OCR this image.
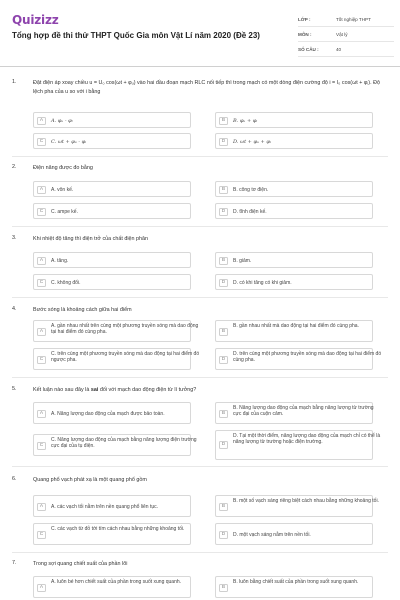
Quizizz
Tổng hợp đề thi thử THPT Quốc Gia môn Vật Lí năm 2020 (Đề 23)
LỚP :	Tốt nghiệp THPT
MÔN :	Vật lý
SỐ CÂU :	40
1.	Đặt điện áp xoay chiều u = U₀ cos(ωt + φᵤ) vào hai đầu đoạn mạch RLC nối tiếp thì trong mạch có một dòng điện cường độ i = I₀ cos(ωt + φᵢ). Độ lệch pha của u so với i bằng
A	A. φᵤ - φᵢ	B	B. φᵤ + φᵢ
C	C. ωt + φᵤ - φᵢ	D	D. ωt + φᵤ + φᵢ
2.	Điện năng được đo bằng
A	A. vôn kế.	B	B. công tơ điện.
C	C. ampe kế.	D	D. tĩnh điện kế.
3.	Khi nhiệt độ tăng thì điện trở của chất điện phân
A	A. tăng.	B	B. giảm.
C	C. không đổi.	D	D. có khi tăng có khi giảm.
4.	Bước sóng là khoảng cách giữa hai điểm
A
A. gần nhau nhất trên cùng một phương truyền sóng mà dao động tại hai điểm đó cùng pha.	B
B. gần nhau nhất mà dao động tại hai điểm đó cùng pha.
C
C. trên cùng một phương truyền sóng mà dao động tại hai điểm đó ngược pha.	D
D. trên cùng một phương truyền sóng mà dao động tại hai điểm đó cùng pha.
5.	Kết luận nào sau đây là sai đối với mạch dao động điện từ lí tưởng?
A	A. Năng lượng dao động của mạch được bảo toàn.	B
B. Năng lượng dao động của mạch bằng năng lượng từ trường cực đại của cuộn cảm.
C
C. Năng lượng dao động của mạch bằng năng lượng điện trường cực đại của tụ điện.	D
D. Tại một thời điểm, năng lượng dao động của mạch chỉ có thể là năng lượng từ trường hoặc điện trường.
6.	Quang phổ vạch phát xạ là một quang phổ gồm
A	A. các vạch tối nằm trên nền quang phổ liên tục.	B
B. một số vạch sáng riêng biệt cách nhau bằng những khoảng tối.
C
C. các vạch từ đỏ tới tím cách nhau bằng những khoảng tối.
D	D. một vạch sáng nằm trên nền tối.
7.	Trong sợi quang chiết suất của phần lõi
A
A. luôn bé hơn chiết suất của phần trong suốt xung quanh.
B
B. luôn bằng chiết suất của phần trong suốt xung quanh.
